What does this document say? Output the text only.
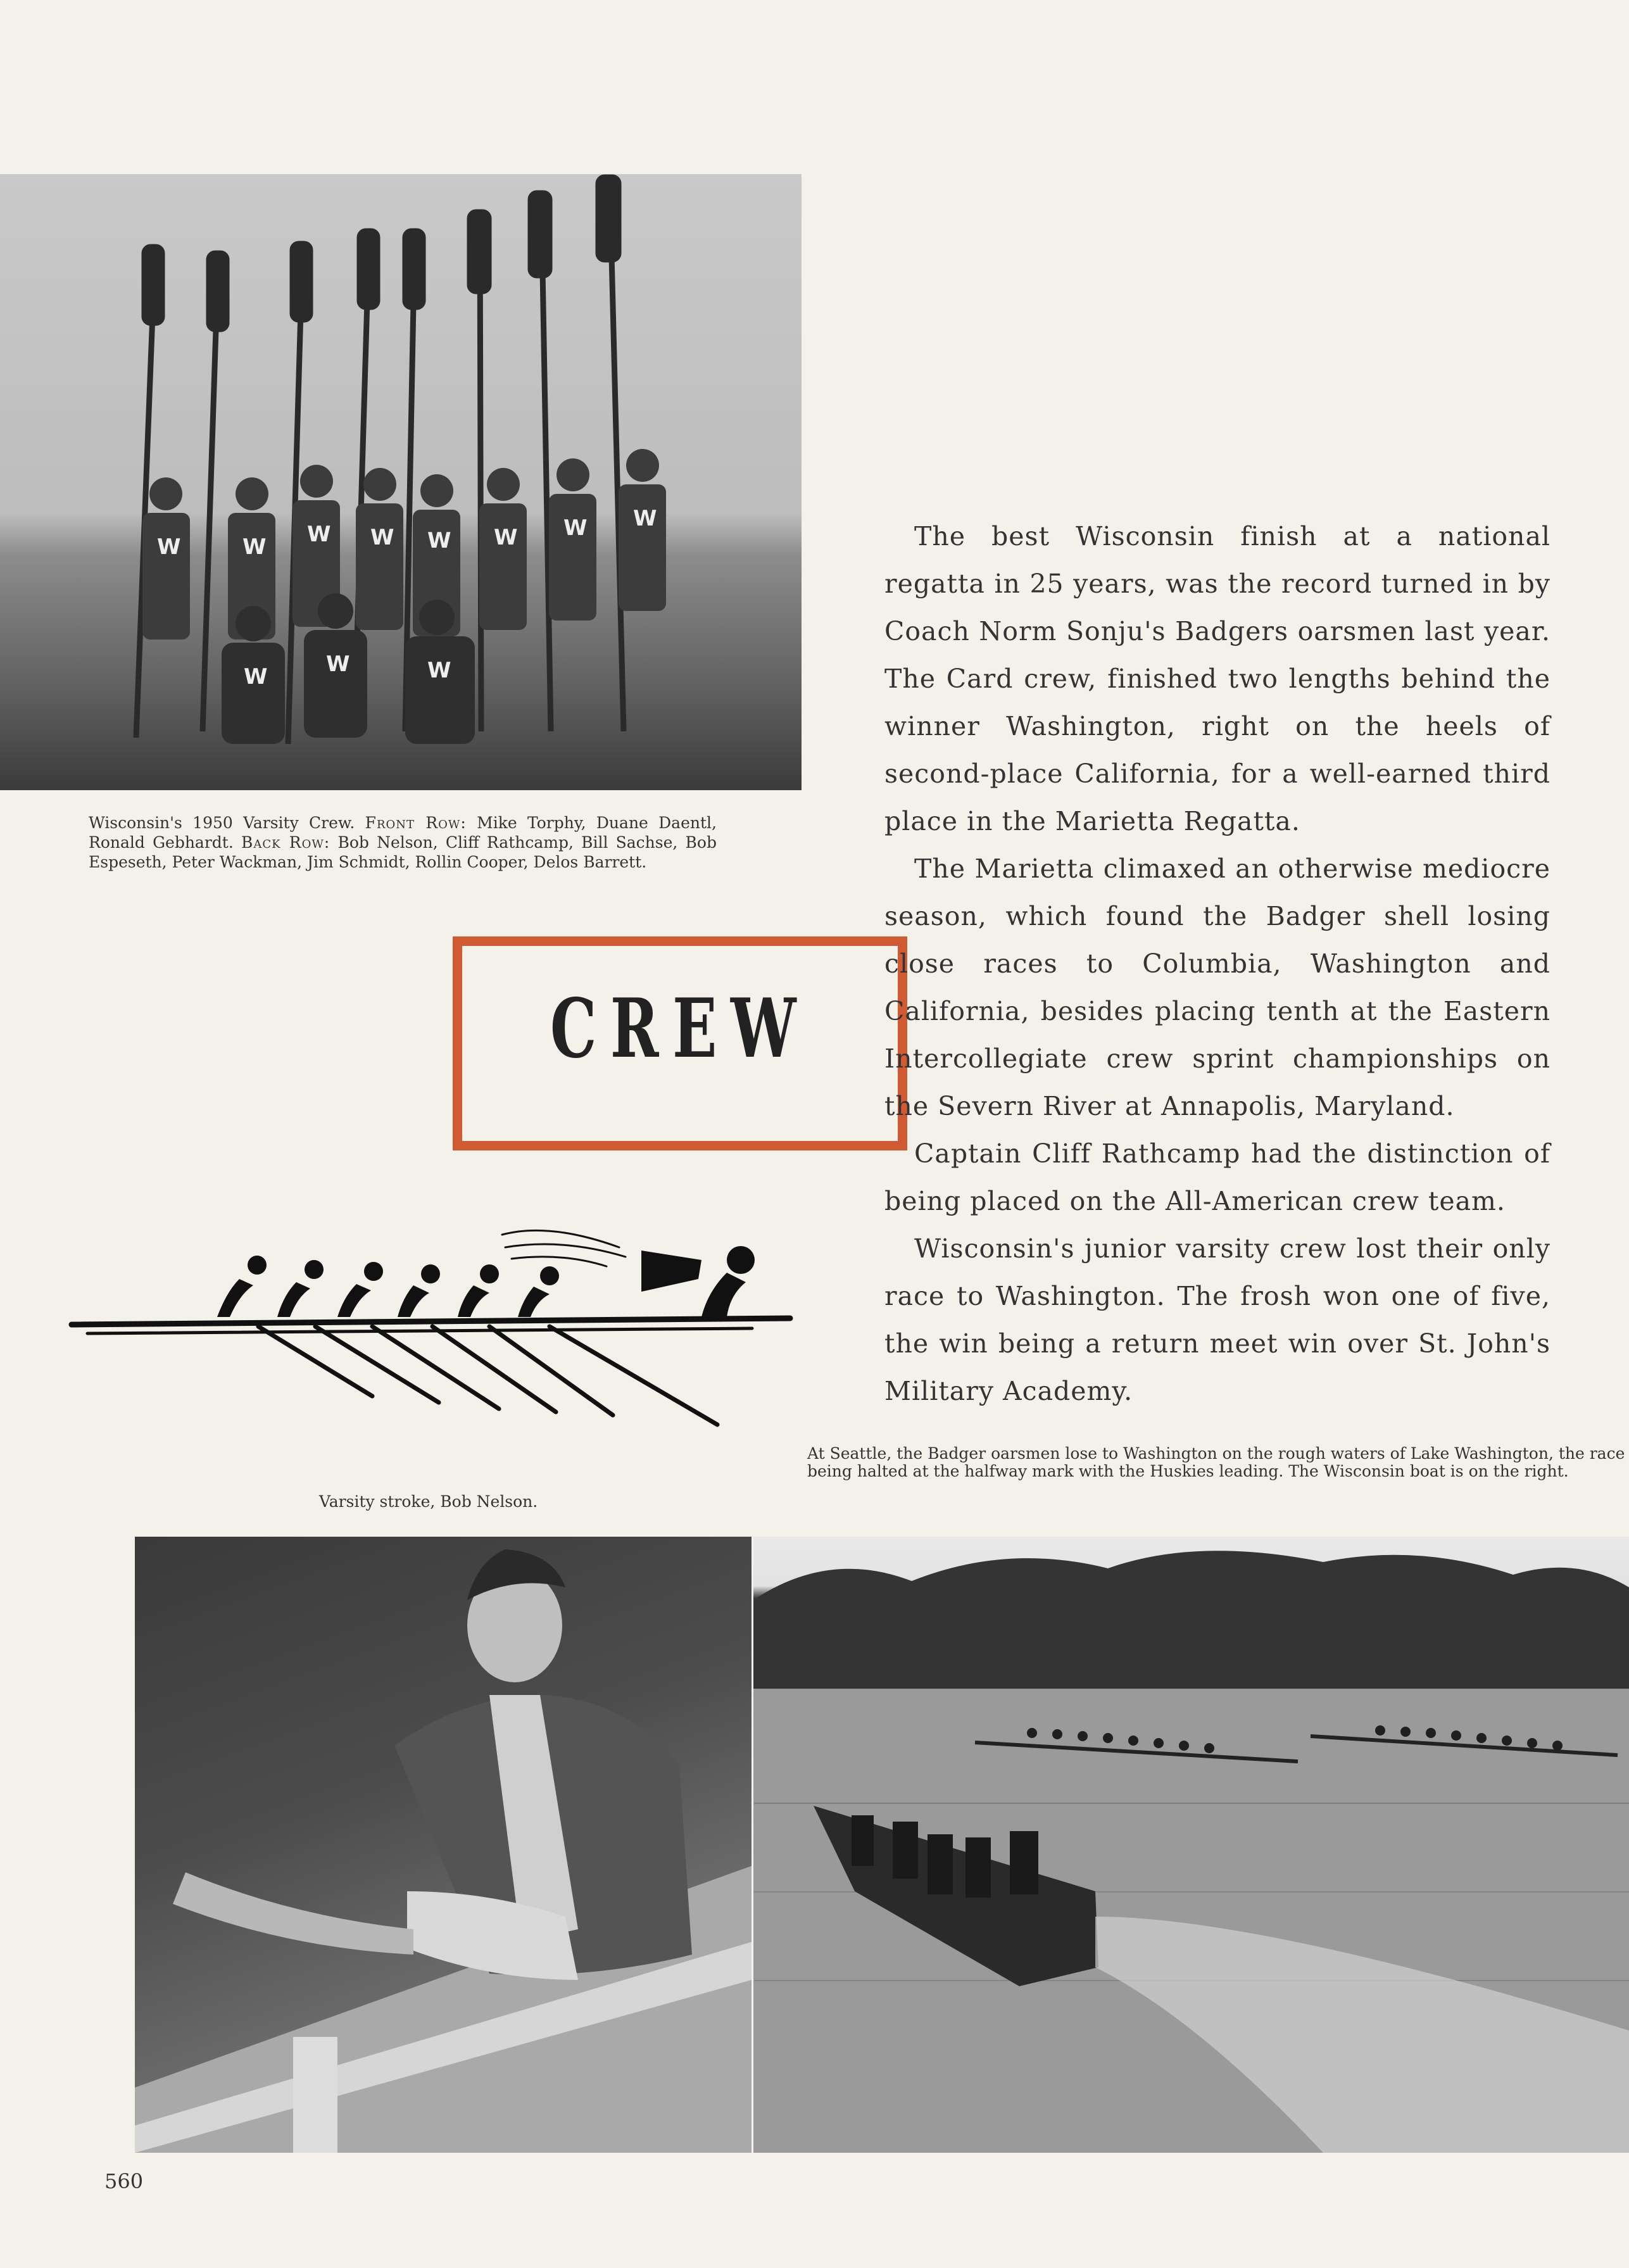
W	W W W W W W W
W	W	W
Wisconsin's 1950 Varsity Crew. Front Row: Mike Torphy, Duane Daentl, Ronald Gebhardt. Back Row: Bob Nelson, Cliff Rathcamp, Bill Sachse, Bob Espeseth, Peter Wackman, Jim Schmidt, Rollin Cooper, Delos Barrett.
CREW

The best Wisconsin finish at a national regatta in 25 years, was the record turned in by Coach Norm Sonju's Badgers oarsmen last year. The Card crew, finished two lengths behind the winner Washington, right on the heels of second-place California, for a well-earned third place in the Marietta Regatta.

The Marietta climaxed an otherwise mediocre season, which found the Badger shell losing close races to Columbia, Washington and California, besides placing tenth at the Eastern Intercollegiate crew sprint championships on the Severn River at Annapolis, Maryland.

Captain Cliff Rathcamp had the distinction of being placed on the All-American crew team.

Wisconsin's junior varsity crew lost their only race to Washington. The frosh won one of five, the win being a return meet win over St. John's Military Academy.

Varsity stroke, Bob Nelson.
At Seattle, the Badger oarsmen lose to Washington on the rough waters of Lake Washington, the race being halted at the halfway mark with the Huskies leading. The Wisconsin boat is on the right.
560
